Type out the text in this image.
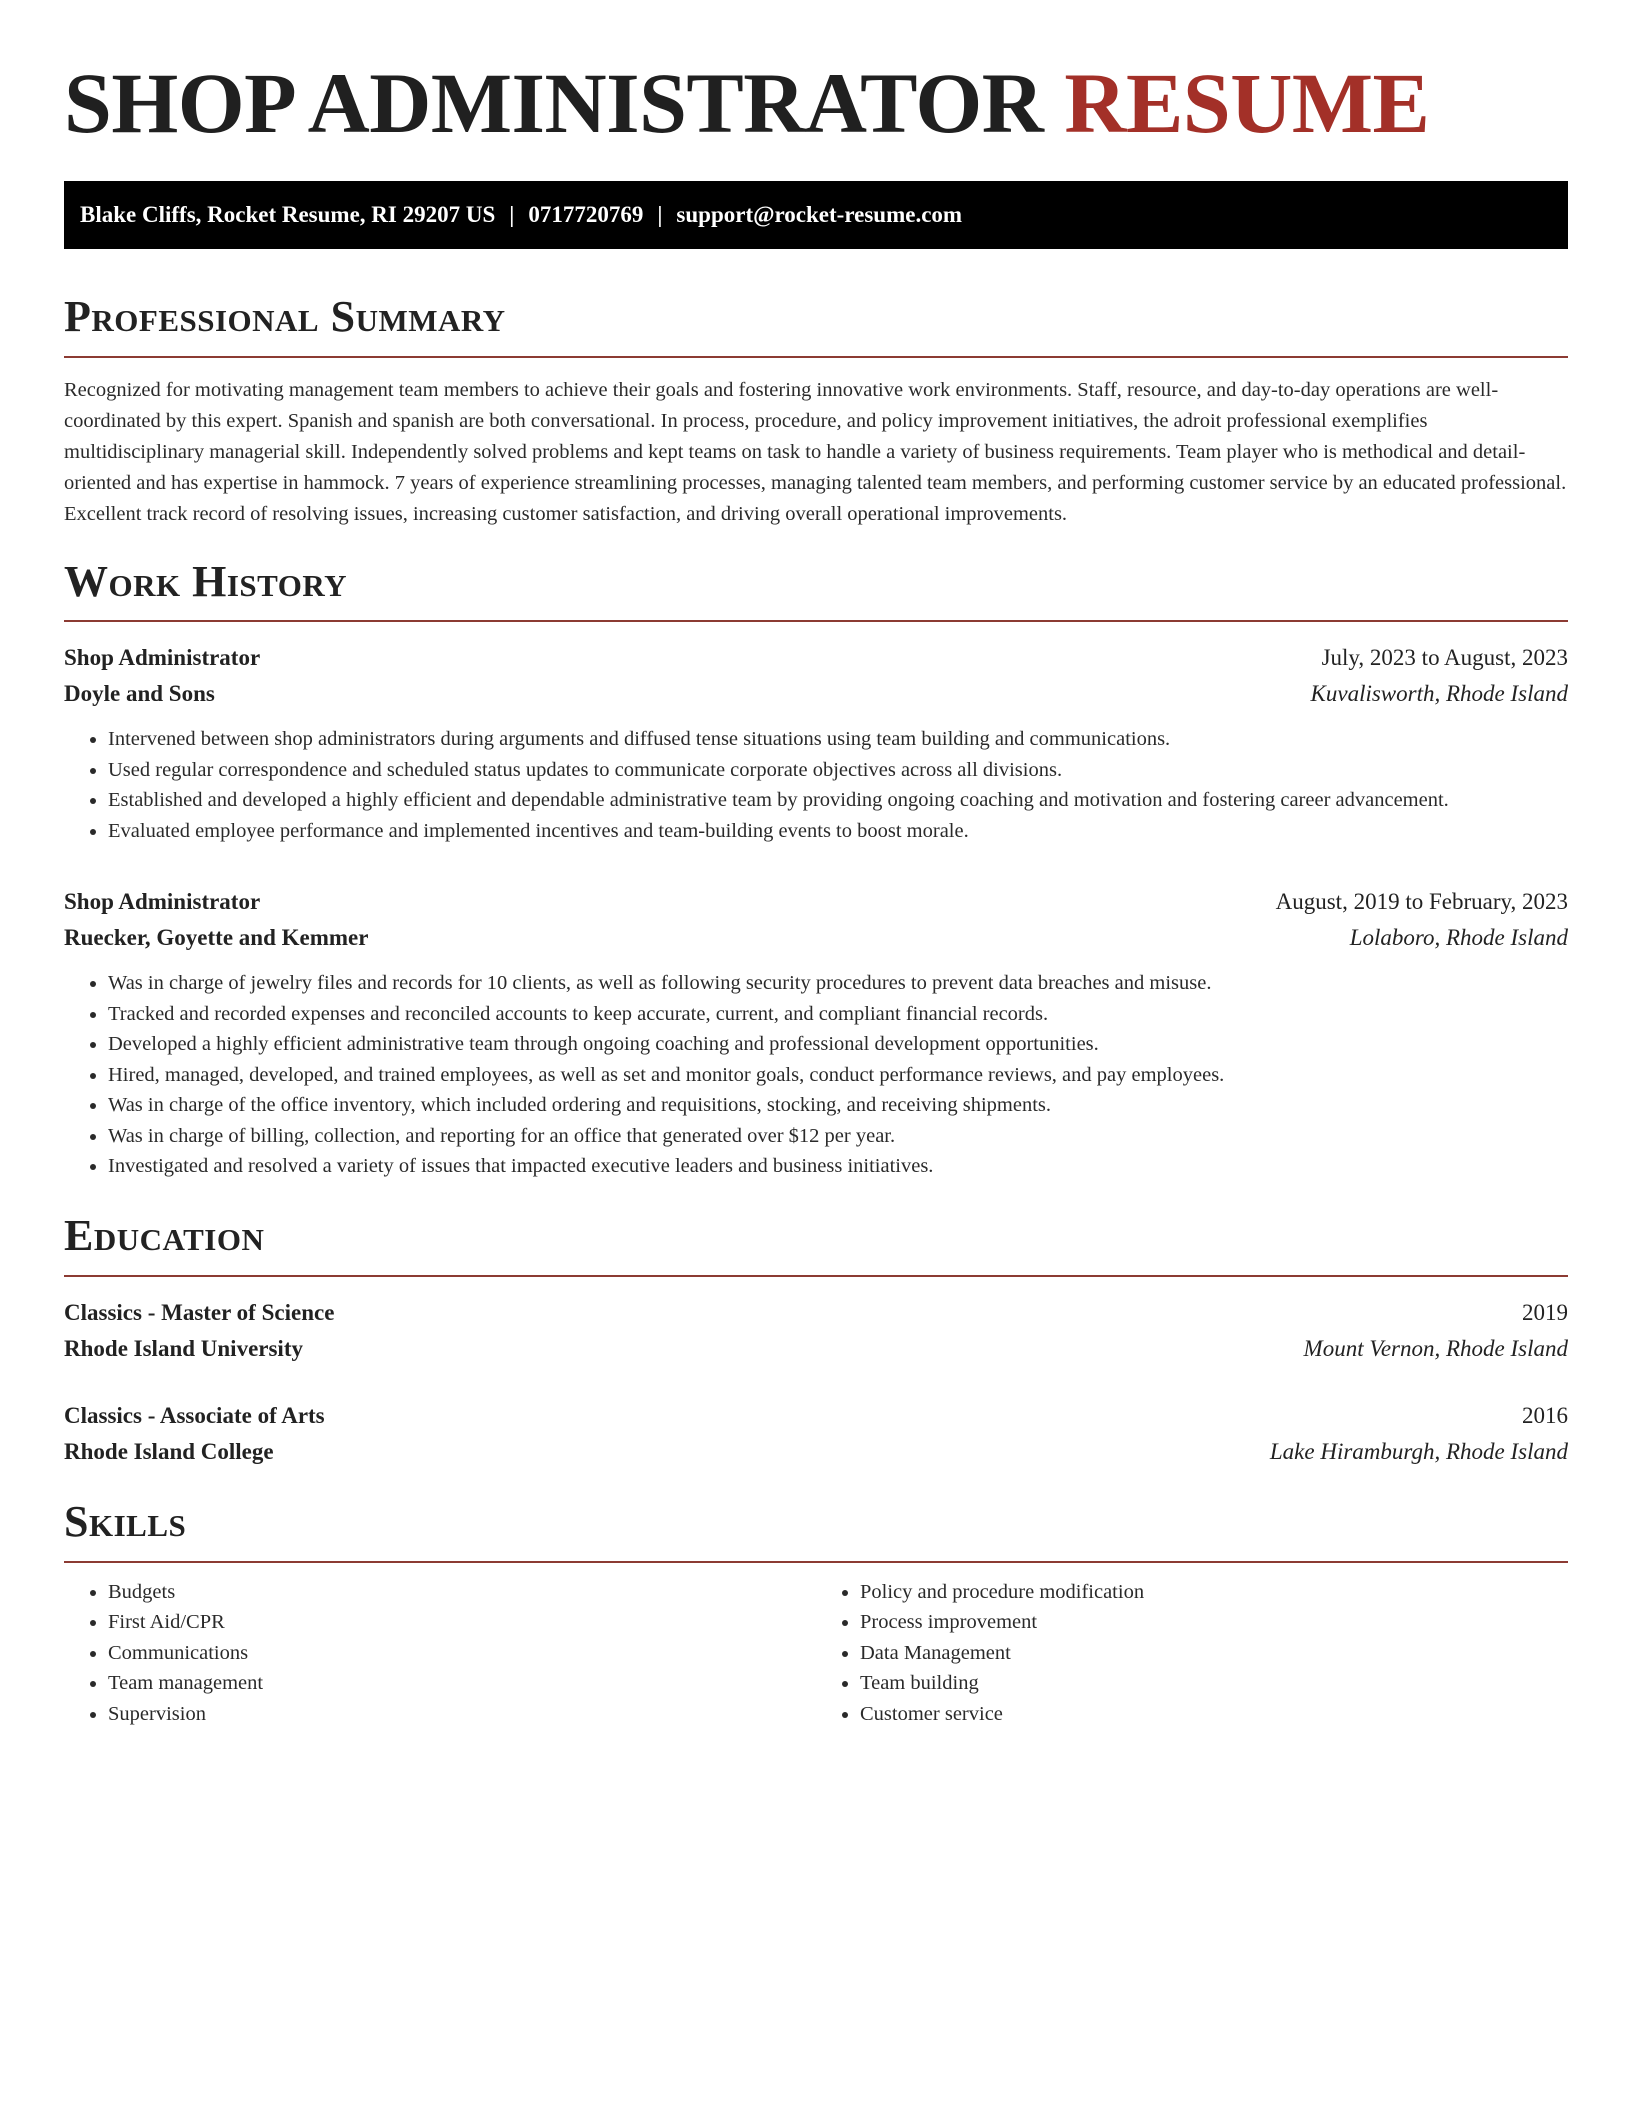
SHOP ADMINISTRATOR RESUME
Blake Cliffs, Rocket Resume, RI 29207 US | 0717720769 | support@rocket-resume.com
Professional Summary

Recognized for motivating management team members to achieve their goals and fostering innovative work environments. Staff, resource, and day-to-day operations are well-coordinated by this expert. Spanish and spanish are both conversational. In process, procedure, and policy improvement initiatives, the adroit professional exemplifies multidisciplinary managerial skill. Independently solved problems and kept teams on task to handle a variety of business requirements. Team player who is methodical and detail-oriented and has expertise in hammock. 7 years of experience streamlining processes, managing talented team members, and performing customer service by an educated professional. Excellent track record of resolving issues, increasing customer satisfaction, and driving overall operational improvements.

Work History
Shop Administrator	July, 2023 to August, 2023
Doyle and Sons	Kuvalisworth, Rhode Island
• Intervened between shop administrators during arguments and diffused tense situations using team building and communications.
• Used regular correspondence and scheduled status updates to communicate corporate objectives across all divisions.
• Established and developed a highly efficient and dependable administrative team by providing ongoing coaching and motivation and fostering career advancement.
• Evaluated employee performance and implemented incentives and team-building events to boost morale.
Shop Administrator	August, 2019 to February, 2023
Ruecker, Goyette and Kemmer	Lolaboro, Rhode Island
• Was in charge of jewelry files and records for 10 clients, as well as following security procedures to prevent data breaches and misuse.
• Tracked and recorded expenses and reconciled accounts to keep accurate, current, and compliant financial records.
• Developed a highly efficient administrative team through ongoing coaching and professional development opportunities.
• Hired, managed, developed, and trained employees, as well as set and monitor goals, conduct performance reviews, and pay employees.
• Was in charge of the office inventory, which included ordering and requisitions, stocking, and receiving shipments.
• Was in charge of billing, collection, and reporting for an office that generated over $12 per year.
• Investigated and resolved a variety of issues that impacted executive leaders and business initiatives.
Education
Classics - Master of Science	2019
Rhode Island University	Mount Vernon, Rhode Island
Classics - Associate of Arts	2016
Rhode Island College	Lake Hiramburgh, Rhode Island
Skills
• Budgets
• First Aid/CPR
• Communications
• Team management
• Supervision
• Policy and procedure modification
• Process improvement
• Data Management
• Team building
• Customer service
